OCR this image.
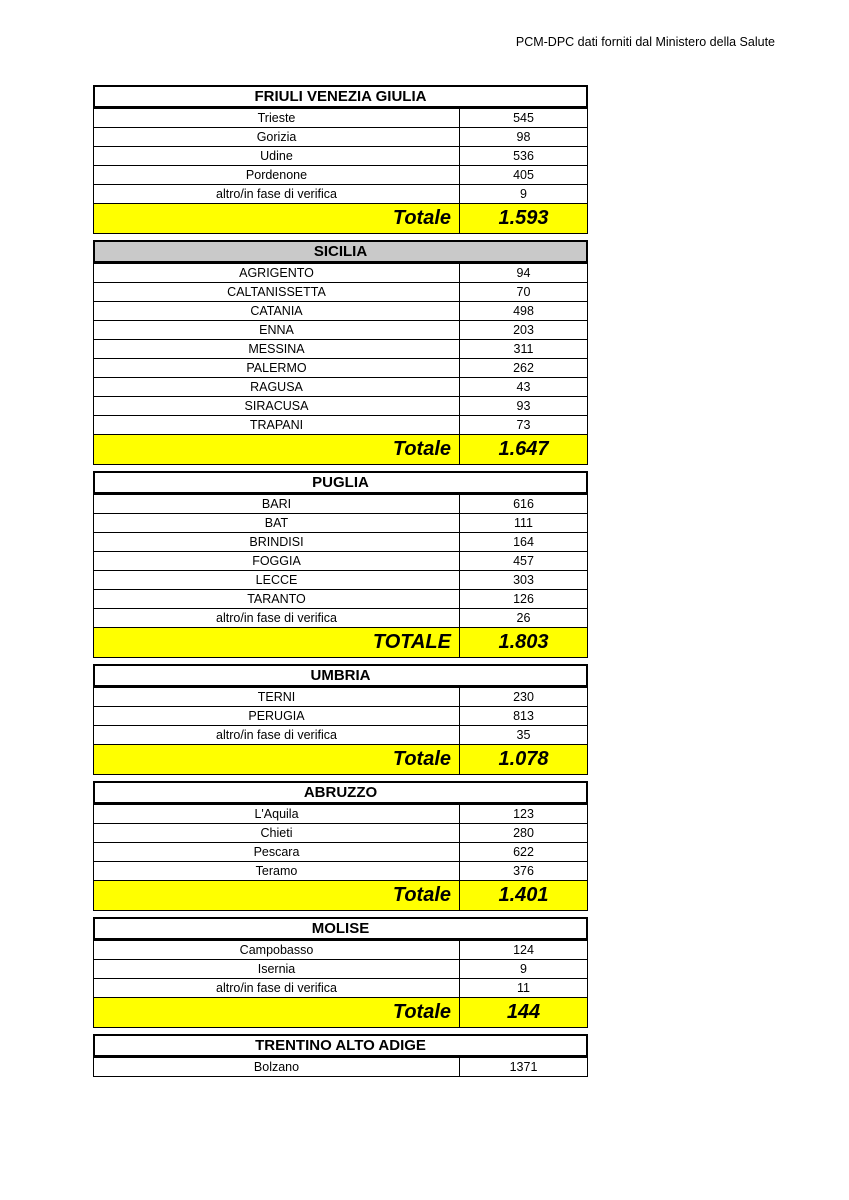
PCM-DPC dati forniti dal Ministero della Salute
FRIULI VENEZIA GIULIA
Trieste	545
Gorizia	98
Udine	536
Pordenone	405
altro/in fase di verifica	9
Totale	1.593
SICILIA
AGRIGENTO	94
CALTANISSETTA	70
CATANIA	498
ENNA	203
MESSINA	311
PALERMO	262
RAGUSA	43
SIRACUSA	93
TRAPANI	73
Totale	1.647
PUGLIA
BARI	616
BAT	111
BRINDISI	164
FOGGIA	457
LECCE	303
TARANTO	126
altro/in fase di verifica	26
TOTALE	1.803
UMBRIA
TERNI	230
PERUGIA	813
altro/in fase di verifica	35
Totale	1.078
ABRUZZO
L'Aquila	123
Chieti	280
Pescara	622
Teramo	376
Totale	1.401
MOLISE
Campobasso	124
Isernia	9
altro/in fase di verifica	11
Totale	144
TRENTINO ALTO ADIGE
Bolzano	1371
